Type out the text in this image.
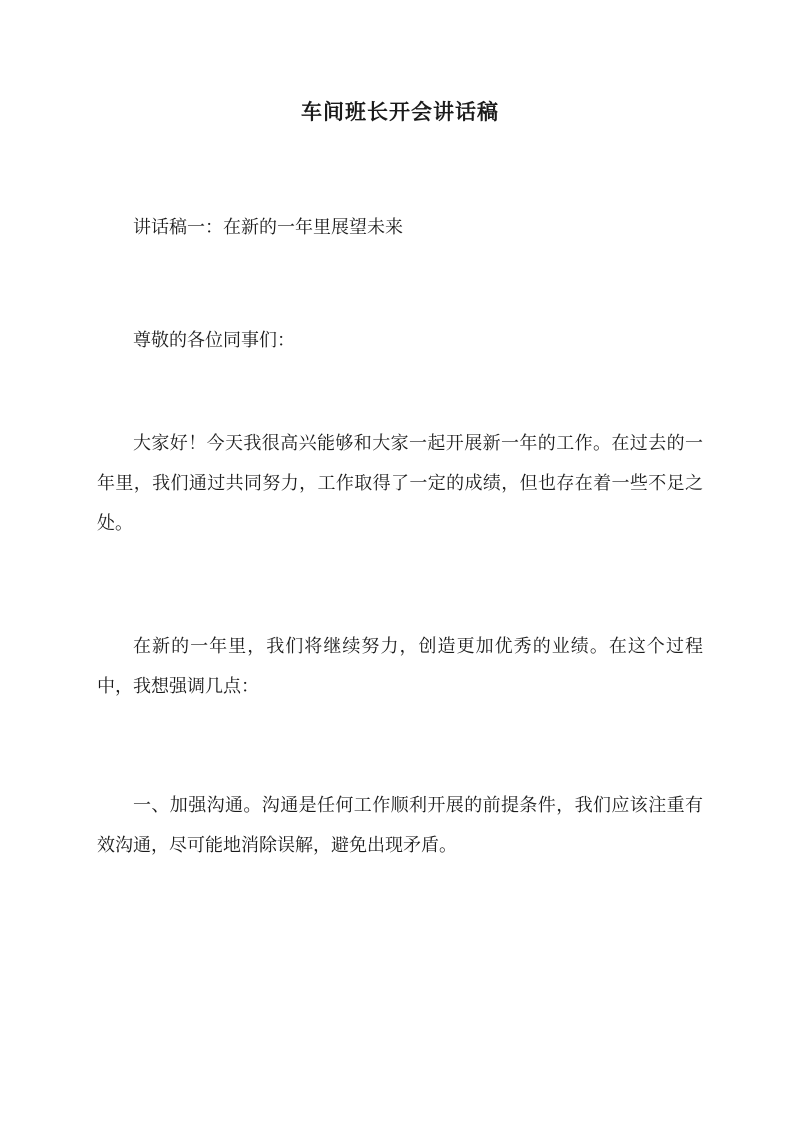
车间班长开会讲话稿

讲话稿一：在新的一年里展望未来

尊敬的各位同事们：

大家好！今天我很高兴能够和大家一起开展新一年的工作。在过去的一年里，我们通过共同努力，工作取得了一定的成绩，但也存在着一些不足之处。

在新的一年里，我们将继续努力，创造更加优秀的业绩。在这个过程中，我想强调几点：

一、加强沟通。沟通是任何工作顺利开展的前提条件，我们应该注重有效沟通，尽可能地消除误解，避免出现矛盾。
